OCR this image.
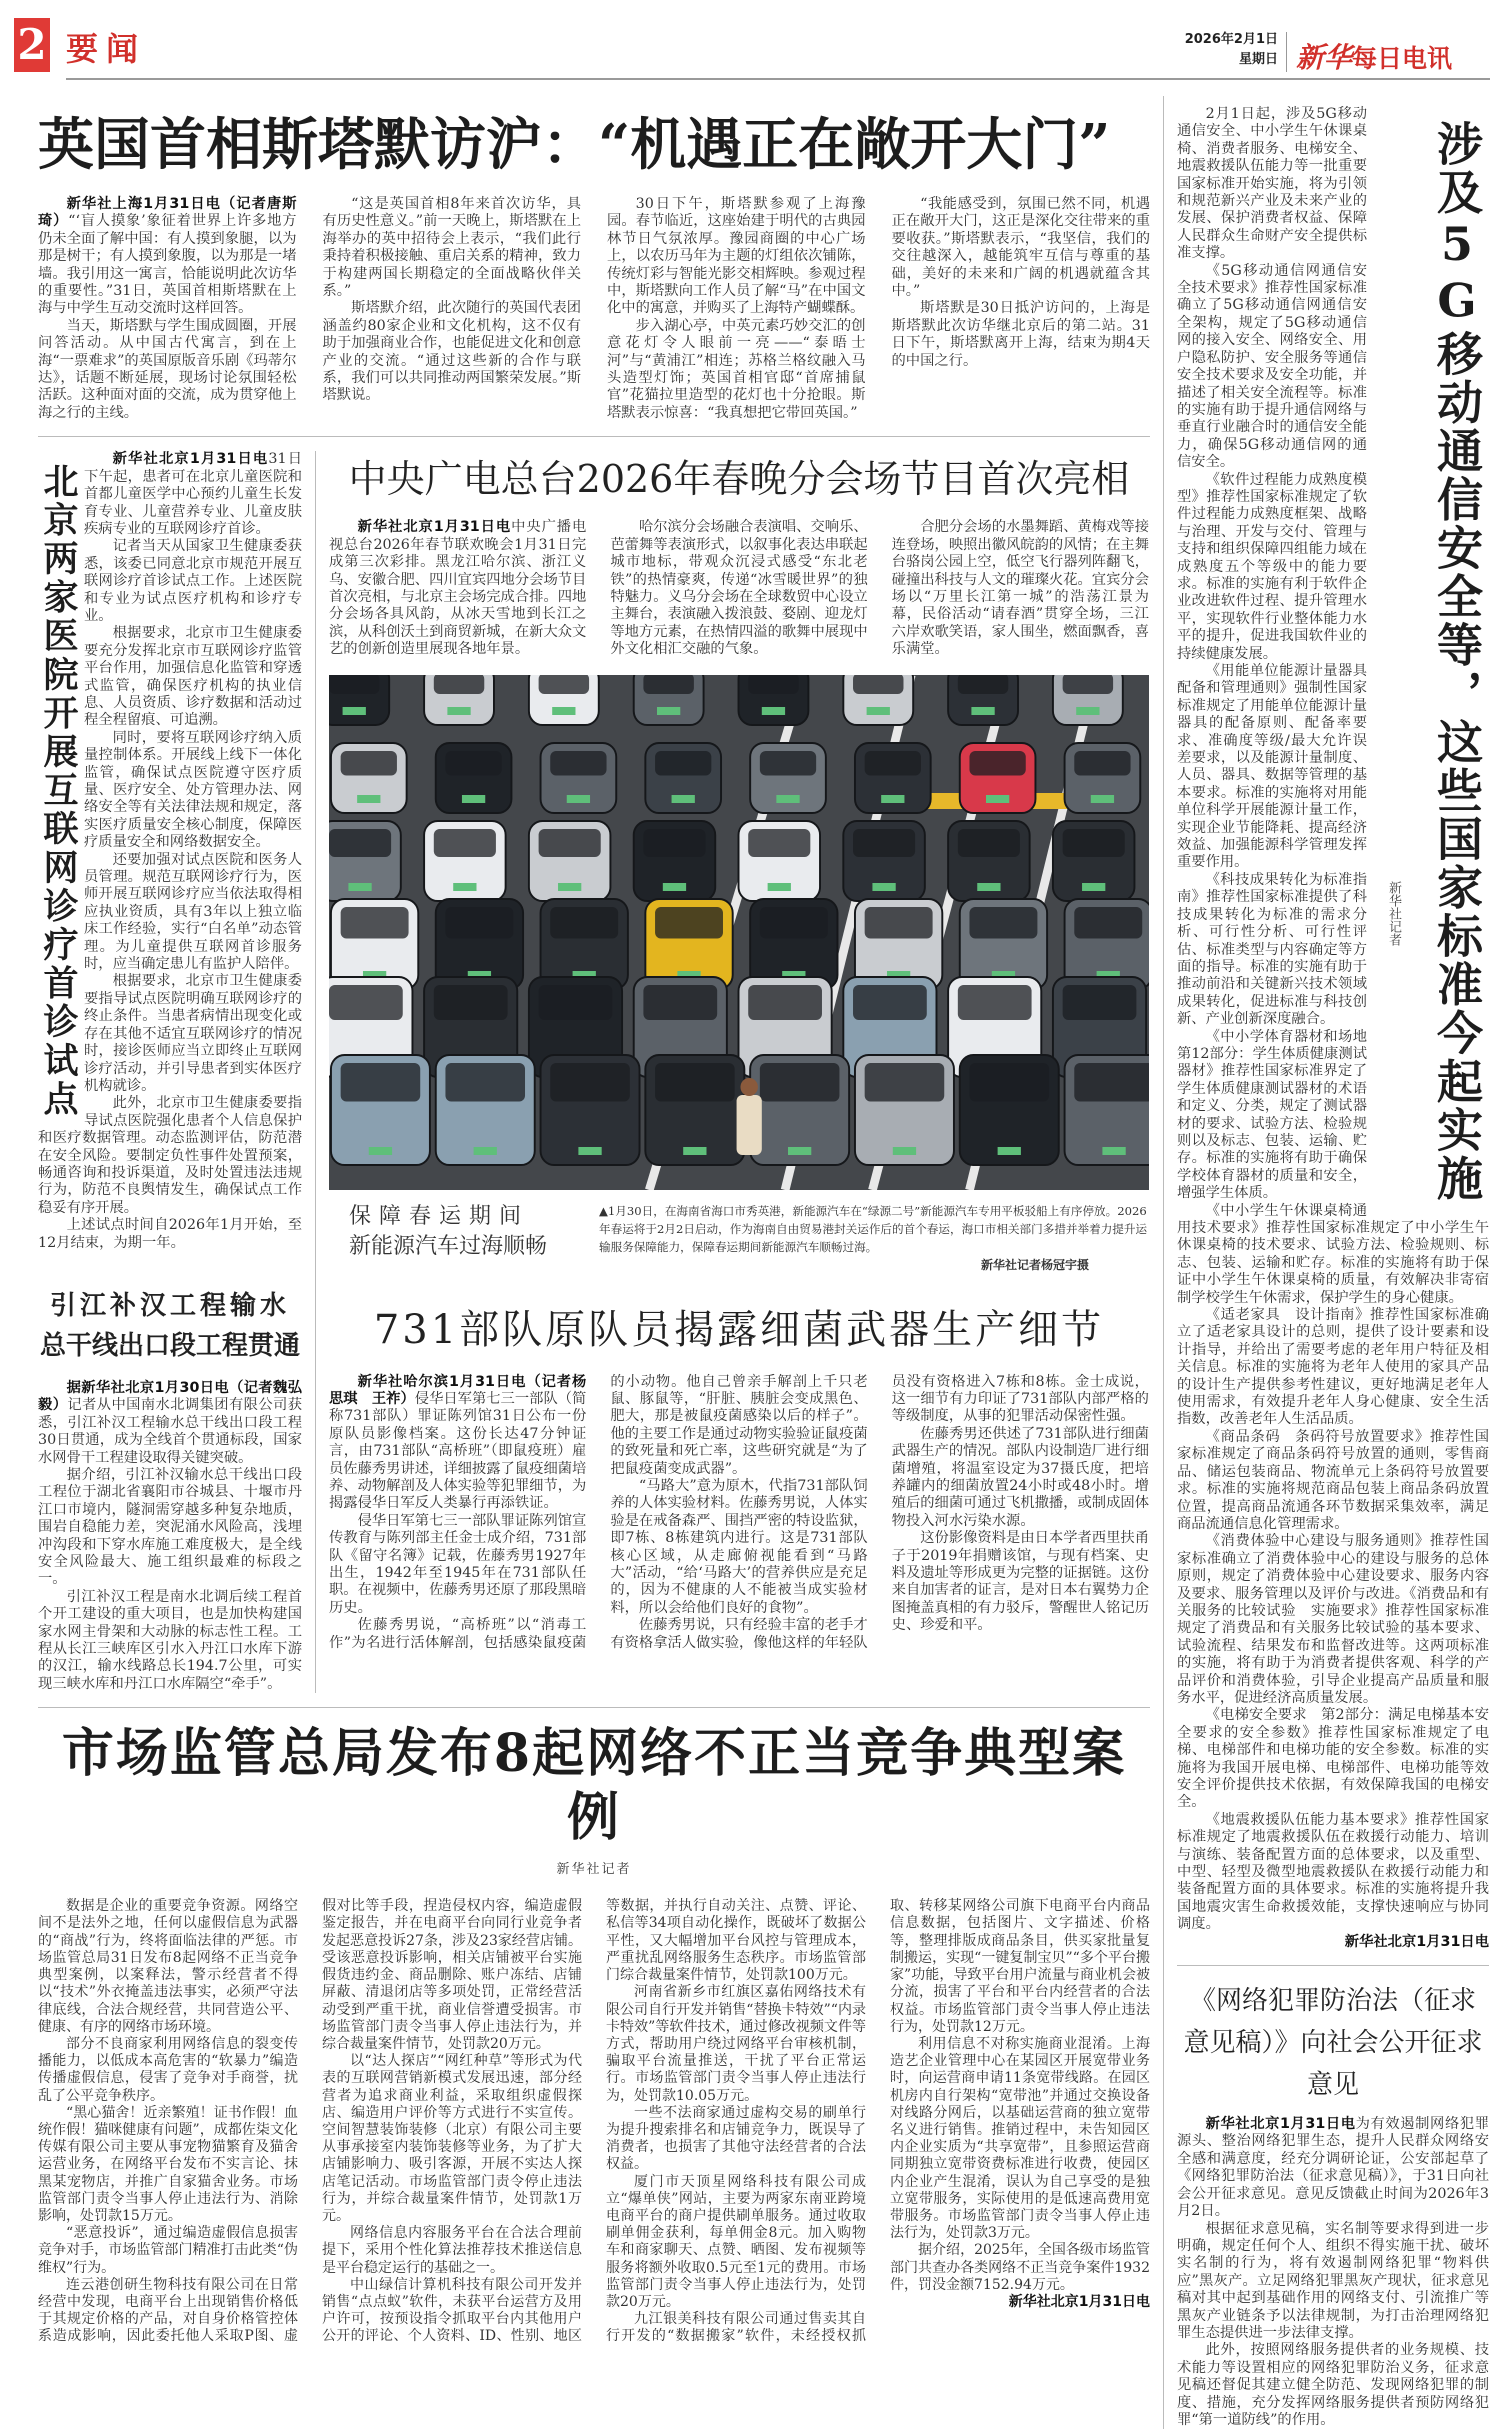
2 要闻	2026年2月1日
星期日 新华每日电讯
英国首相斯塔默访沪：“机遇正在敞开大门”

新华社上海1月31日电（记者唐斯琦）“‘盲人摸象’象征着世界上许多地方仍未全面了解中国：有人摸到象腿，以为那是树干；有人摸到象腹，以为那是一堵墙。我引用这一寓言，恰能说明此次访华的重要性。”31日，英国首相斯塔默在上海与中学生互动交流时这样回答。

当天，斯塔默与学生围成圆圈，开展问答活动。从中国古代寓言，到在上海“一票难求”的英国原版音乐剧《玛蒂尔达》，话题不断延展，现场讨论氛围轻松活跃。这种面对面的交流，成为贯穿他上海之行的主线。

“这是英国首相8年来首次访华，具有历史性意义。”前一天晚上，斯塔默在上海举办的英中招待会上表示，“我们此行秉持着积极接触、重启关系的精神，致力于构建两国长期稳定的全面战略伙伴关系。”

斯塔默介绍，此次随行的英国代表团涵盖约80家企业和文化机构，这不仅有助于加强商业合作，也能促进文化和创意产业的交流。“通过这些新的合作与联系，我们可以共同推动两国繁荣发展。”斯塔默说。

30日下午，斯塔默参观了上海豫园。春节临近，这座始建于明代的古典园林节日气氛浓厚。豫园商圈的中心广场上，以农历马年为主题的灯组依次铺陈，传统灯彩与智能光影交相辉映。参观过程中，斯塔默向工作人员了解“马”在中国文化中的寓意，并购买了上海特产蝴蝶酥。

步入湖心亭，中英元素巧妙交汇的创意花灯令人眼前一亮——“泰晤士河”与“黄浦江”相连；苏格兰格纹融入马头造型灯饰；英国首相官邸“首席捕鼠官”花猫拉里造型的花灯也十分抢眼。斯塔默表示惊喜：“我真想把它带回英国。”

“我能感受到，氛围已然不同，机遇正在敞开大门，这正是深化交往带来的重要收获。”斯塔默表示，“我坚信，我们的交往越深入，越能筑牢互信与尊重的基础，美好的未来和广阔的机遇就蕴含其中。”

斯塔默是30日抵沪访问的，上海是斯塔默此次访华继北京后的第二站。31日下午，斯塔默离开上海，结束为期4天的中国之行。

北京两家医院开展互联网诊疗首诊试点

新华社北京1月31日电31日下午起，患者可在北京儿童医院和首都儿童医学中心预约儿童生长发育专业、儿童营养专业、儿童皮肤疾病专业的互联网诊疗首诊。

记者当天从国家卫生健康委获悉，该委已同意北京市规范开展互联网诊疗首诊试点工作。上述医院和专业为试点医疗机构和诊疗专业。

根据要求，北京市卫生健康委要充分发挥北京市互联网诊疗监管平台作用，加强信息化监管和穿透式监管，确保医疗机构的执业信息、人员资质、诊疗数据和活动过程全程留痕、可追溯。

同时，要将互联网诊疗纳入质量控制体系。开展线上线下一体化监管，确保试点医院遵守医疗质量、医疗安全、处方管理办法、网络安全等有关法律法规和规定，落实医疗质量安全核心制度，保障医疗质量安全和网络数据安全。

还要加强对试点医院和医务人员管理。规范互联网诊疗行为，医师开展互联网诊疗应当依法取得相应执业资质，具有3年以上独立临床工作经验，实行“白名单”动态管理。为儿童提供互联网首诊服务时，应当确定患儿有监护人陪伴。

根据要求，北京市卫生健康委要指导试点医院明确互联网诊疗的终止条件。当患者病情出现变化或存在其他不适宜互联网诊疗的情况时，接诊医师应当立即终止互联网诊疗活动，并引导患者到实体医疗机构就诊。

此外，北京市卫生健康委要指导试点医院强化患者个人信息保护和医疗数据管理。动态监测评估，防范潜在安全风险。要制定负性事件处置预案，畅通咨询和投诉渠道，及时处置违法违规行为，防范不良舆情发生，确保试点工作稳妥有序开展。

上述试点时间自2026年1月开始，至12月结束，为期一年。

引江补汉工程输水
总干线出口段工程贯通

据新华社北京1月30日电（记者魏弘毅）记者从中国南水北调集团有限公司获悉，引江补汉工程输水总干线出口段工程30日贯通，成为全线首个贯通标段，国家水网骨干工程建设取得关键突破。

据介绍，引江补汉输水总干线出口段工程位于湖北省襄阳市谷城县、十堰市丹江口市境内，隧洞需穿越多种复杂地质，围岩自稳能力差，突泥涌水风险高，浅埋冲沟段和下穿水库施工难度极大，是全线安全风险最大、施工组织最难的标段之一。

引江补汉工程是南水北调后续工程首个开工建设的重大项目，也是加快构建国家水网主骨架和大动脉的标志性工程。工程从长江三峡库区引水入丹江口水库下游的汉江，输水线路总长194.7公里，可实现三峡水库和丹江口水库隔空“牵手”。

中央广电总台2026年春晚分会场节目首次亮相

新华社北京1月31日电中央广播电视总台2026年春节联欢晚会1月31日完成第三次彩排。黑龙江哈尔滨、浙江义乌、安徽合肥、四川宜宾四地分会场节目首次亮相，与北京主会场完成合排。四地分会场各具风韵，从冰天雪地到长江之滨，从科创沃土到商贸新城，在新大众文艺的创新创造里展现各地年景。

哈尔滨分会场融合表演唱、交响乐、芭蕾舞等表演形式，以叙事化表达串联起城市地标，带观众沉浸式感受“东北老铁”的热情豪爽，传递“冰雪暖世界”的独特魅力。义乌分会场在全球数贸中心设立主舞台，表演融入拨浪鼓、婺剧、迎龙灯等地方元素，在热情四溢的歌舞中展现中外文化相汇交融的气象。

合肥分会场的水墨舞蹈、黄梅戏等接连登场，映照出徽风皖韵的风情；在主舞台骆岗公园上空，低空飞行器列阵翻飞，碰撞出科技与人文的璀璨火花。宜宾分会场以“万里长江第一城”的浩荡江景为幕，民俗活动“请春酒”贯穿全场，三江六岸欢歌笑语，家人围坐，燃面飘香，喜乐满堂。

保障春运期间
新能源汽车过海顺畅
▲1月30日，在海南省海口市秀英港，新能源汽车在“绿源二号”新能源汽车专用平板驳船上有序停放。2026年春运将于2月2日启动，作为海南自由贸易港封关运作后的首个春运，海口市相关部门多措并举着力提升运输服务保障能力，保障春运期间新能源汽车顺畅过海。
新华社记者杨冠宇摄
731部队原队员揭露细菌武器生产细节

新华社哈尔滨1月31日电（记者杨思琪　王祚）侵华日军第七三一部队（简称731部队）罪证陈列馆31日公布一份原队员影像档案。这份长达47分钟证言，由731部队“高桥班”（即鼠疫班）雇员佐藤秀男讲述，详细披露了鼠疫细菌培养、动物解剖及人体实验等犯罪细节，为揭露侵华日军反人类暴行再添铁证。

侵华日军第七三一部队罪证陈列馆宣传教育与陈列部主任金士成介绍，731部队《留守名簿》记载，佐藤秀男1927年出生，1942年至1945年在731部队任职。在视频中，佐藤秀男还原了那段黑暗历史。

佐藤秀男说，“高桥班”以“消毒工作”为名进行活体解剖，包括感染鼠疫菌的小动物。他自己曾亲手解剖上千只老鼠、豚鼠等，“肝脏、胰脏会变成黑色、肥大，那是被鼠疫菌感染以后的样子”。他的主要工作是通过动物实验验证鼠疫菌的致死量和死亡率，这些研究就是“为了把鼠疫菌变成武器”。

“马路大”意为原木，代指731部队饲养的人体实验材料。佐藤秀男说，人体实验是在戒备森严、围挡严密的特设监狱，即7栋、8栋建筑内进行。这是731部队核心区域，从走廊俯视能看到“马路大”活动，“给‘马路大’的营养供应是充足的，因为不健康的人不能被当成实验材料，所以会给他们良好的食物”。

佐藤秀男说，只有经验丰富的老手才有资格拿活人做实验，像他这样的年轻队员没有资格进入7栋和8栋。金士成说，这一细节有力印证了731部队内部严格的等级制度，从事的犯罪活动保密性强。

佐藤秀男还供述了731部队进行细菌武器生产的情况。部队内设制造厂进行细菌增殖，将温室设定为37摄氏度，把培养罐内的细菌放置24小时或48小时。增殖后的细菌可通过飞机撒播，或制成固体物投入河水污染水源。

这份影像资料是由日本学者西里扶甬子于2019年捐赠该馆，与现有档案、史料及遗址等形成更为完整的证据链。这份来自加害者的证言，是对日本右翼势力企图掩盖真相的有力驳斥，警醒世人铭记历史、珍爱和平。

市场监管总局发布8起网络不正当竞争典型案例
新华社记者

数据是企业的重要竞争资源。网络空间不是法外之地，任何以虚假信息为武器的“商战”行为，终将面临法律的严惩。市场监管总局31日发布8起网络不正当竞争典型案例，以案释法，警示经营者不得以“技术”外衣掩盖违法事实，必须严守法律底线，合法合规经营，共同营造公平、健康、有序的网络市场环境。

部分不良商家利用网络信息的裂变传播能力，以低成本高危害的“软暴力”编造传播虚假信息，侵害了竞争对手商誉，扰乱了公平竞争秩序。

“黑心猫舍！近亲繁殖！证书作假！血统作假！猫咪健康有问题”，成都佐柒文化传媒有限公司主要从事宠物猫繁育及猫舍运营业务，在网络平台发布不实言论、抹黑某宠物店，并推广自家猫舍业务。市场监管部门责令当事人停止违法行为、消除影响，处罚款15万元。

“恶意投诉”，通过编造虚假信息损害竞争对手，市场监管部门精准打击此类“伪维权”行为。

连云港创研生物科技有限公司在日常经营中发现，电商平台上出现销售价格低于其规定价格的产品，对自身价格管控体系造成影响，因此委托他人采取P图、虚假对比等手段，捏造侵权内容，编造虚假鉴定报告，并在电商平台向同行业竞争者发起恶意投诉27条，涉及23家经营店铺。受该恶意投诉影响，相关店铺被平台实施假货违约金、商品删除、账户冻结、店铺屏蔽、清退闭店等多项处罚，正常经营活动受到严重干扰，商业信誉遭受损害。市场监管部门责令当事人停止违法行为，并综合裁量案件情节，处罚款20万元。

以“达人探店”“网红种草”等形式为代表的互联网营销新模式发展迅速，部分经营者为追求商业利益，采取组织虚假探店、编造用户评价等方式进行不实宣传。空间智慧装饰装修（北京）有限公司主要从事承接室内装饰装修等业务，为了扩大店铺影响力、吸引客源，开展不实达人探店笔记活动。市场监管部门责令停止违法行为，并综合裁量案件情节，处罚款1万元。

网络信息内容服务平台在合法合理前提下，采用个性化算法推荐技术推送信息是平台稳定运行的基础之一。

中山绿信计算机科技有限公司开发并销售“点点蚁”软件，未获平台运营方及用户许可，按预设指令抓取平台内其他用户公开的评论、个人资料、ID、性别、地区等数据，并执行自动关注、点赞、评论、私信等34项自动化操作，既破坏了数据公平性，又大幅增加平台风控与管理成本，严重扰乱网络服务生态秩序。市场监管部门综合裁量案件情节，处罚款100万元。

河南省新乡市红旗区嘉佑网络技术有限公司自行开发并销售“替换卡特效”“内录卡特效”等软件技术，通过修改视频文件等方式，帮助用户绕过网络平台审核机制，骗取平台流量推送，干扰了平台正常运行。市场监管部门责令当事人停止违法行为，处罚款10.05万元。

一些不法商家通过虚构交易的刷单行为提升搜索排名和店铺竞争力，既误导了消费者，也损害了其他守法经营者的合法权益。

厦门市天顶星网络科技有限公司成立“爆单侠”网站，主要为两家东南亚跨境电商平台的商户提供刷单服务。通过收取刷单佣金获利，每单佣金8元。加入购物车和商家聊天、点赞、晒图、发布视频等服务将额外收取0.5元至1元的费用。市场监管部门责令当事人停止违法行为，处罚款20万元。

九江银美科技有限公司通过售卖其自行开发的“数据搬家”软件，未经授权抓取、转移某网络公司旗下电商平台内商品信息数据，包括图片、文字描述、价格等，整理排版成商品条目，供买家批量复制搬运，实现“一键复制宝贝”“多个平台搬家”功能，导致平台用户流量与商业机会被分流，损害了平台和平台内经营者的合法权益。市场监管部门责令当事人停止违法行为，处罚款12万元。

利用信息不对称实施商业混淆。上海造艺企业管理中心在某园区开展宽带业务时，向运营商申请11条宽带线路。在园区机房内自行架构“宽带池”并通过交换设备对线路分网后，以基础运营商的独立宽带名义进行销售。推销过程中，未告知园区内企业实质为“共享宽带”，且参照运营商同期独立宽带资费标准进行收费，使园区内企业产生混淆，误认为自己享受的是独立宽带服务，实际使用的是低速高费用宽带服务。市场监管部门责令当事人停止违法行为，处罚款3万元。

据介绍，2025年，全国各级市场监管部门共查办各类网络不正当竞争案件1932件，罚没金额7152.94万元。

新华社北京1月31日电

涉及5G移动通信安全等，这些国家标准今起实施
新华社记者

2月1日起，涉及5G移动通信安全、中小学生午休课桌椅、消费者服务、电梯安全、地震救援队伍能力等一批重要国家标准开始实施，将为引领和规范新兴产业及未来产业的发展、保护消费者权益、保障人民群众生命财产安全提供标准支撑。

《5G移动通信网通信安全技术要求》推荐性国家标准确立了5G移动通信网通信安全架构，规定了5G移动通信网的接入安全、网络安全、用户隐私防护、安全服务等通信安全技术要求及安全功能，并描述了相关安全流程等。标准的实施有助于提升通信网络与垂直行业融合时的通信安全能力，确保5G移动通信网的通信安全。

《软件过程能力成熟度模型》推荐性国家标准规定了软件过程能力成熟度框架、战略与治理、开发与交付、管理与支持和组织保障四组能力域在成熟度五个等级中的能力要求。标准的实施有利于软件企业改进软件过程、提升管理水平，实现软件行业整体能力水平的提升，促进我国软件业的持续健康发展。

《用能单位能源计量器具配备和管理通则》强制性国家标准规定了用能单位能源计量器具的配备原则、配备率要求、准确度等级/最大允许误差要求，以及能源计量制度、人员、器具、数据等管理的基本要求。标准的实施将对用能单位科学开展能源计量工作，实现企业节能降耗、提高经济效益、加强能源科学管理发挥重要作用。

《科技成果转化为标准指南》推荐性国家标准提供了科技成果转化为标准的需求分析、可行性分析、可行性评估、标准类型与内容确定等方面的指导。标准的实施有助于推动前沿和关键新兴技术领域成果转化，促进标准与科技创新、产业创新深度融合。

《中小学体育器材和场地　第12部分：学生体质健康测试器材》推荐性国家标准界定了学生体质健康测试器材的术语和定义、分类，规定了测试器材的要求、试验方法、检验规则以及标志、包装、运输、贮存。标准的实施将有助于确保学校体育器材的质量和安全，增强学生体质。

《中小学生午休课桌椅通用技术要求》推荐性国家标准规定了中小学生午休课桌椅的技术要求、试验方法、检验规则、标志、包装、运输和贮存。标准的实施将有助于保证中小学生午休课桌椅的质量，有效解决非寄宿制学校学生午休需求，保护学生的身心健康。

《适老家具　设计指南》推荐性国家标准确立了适老家具设计的总则，提供了设计要素和设计指导，并给出了需要考虑的老年用户特征及相关信息。标准的实施将为老年人使用的家具产品的设计生产提供参考性建议，更好地满足老年人使用需求，有效提升老年人身心健康、安全生活指数，改善老年人生活品质。

《商品条码　条码符号放置要求》推荐性国家标准规定了商品条码符号放置的通则，零售商品、储运包装商品、物流单元上条码符号放置要求。标准的实施将规范商品包装上商品条码放置位置，提高商品流通各环节数据采集效率，满足商品流通信息化管理需求。

《消费体验中心建设与服务通则》推荐性国家标准确立了消费体验中心的建设与服务的总体原则，规定了消费体验中心建设要求、服务内容及要求、服务管理以及评价与改进。《消费品和有关服务的比较试验　实施要求》推荐性国家标准规定了消费品和有关服务比较试验的基本要求、试验流程、结果发布和监督改进等。这两项标准的实施，将有助于为消费者提供客观、科学的产品评价和消费体验，引导企业提高产品质量和服务水平，促进经济高质量发展。

《电梯安全要求　第2部分：满足电梯基本安全要求的安全参数》推荐性国家标准规定了电梯、电梯部件和电梯功能的安全参数。标准的实施将为我国开展电梯、电梯部件、电梯功能等效安全评价提供技术依据，有效保障我国的电梯安全。

《地震救援队伍能力基本要求》推荐性国家标准规定了地震救援队伍在救援行动能力、培训与演练、装备配置方面的总体要求，以及重型、中型、轻型及微型地震救援队在救援行动能力和装备配置方面的具体要求。标准的实施将提升我国地震灾害生命救援效能，支撑快速响应与协同调度。

新华社北京1月31日电

《网络犯罪防治法（征求
意见稿）》向社会公开征求意见

新华社北京1月31日电为有效遏制网络犯罪源头、整治网络犯罪生态，提升人民群众网络安全感和满意度，经充分调研论证，公安部起草了《网络犯罪防治法（征求意见稿）》，于31日向社会公开征求意见。意见反馈截止时间为2026年3月2日。

根据征求意见稿，实名制等要求得到进一步明确，规定任何个人、组织不得实施干扰、破坏实名制的行为，将有效遏制网络犯罪“物料供应”黑灰产。立足网络犯罪黑灰产现状，征求意见稿对其中起到基础作用的网络支付、引流推广等黑灰产业链条予以法律规制，为打击治理网络犯罪生态提供进一步法律支撑。

此外，按照网络服务提供者的业务规模、技术能力等设置相应的网络犯罪防治义务，征求意见稿还督促其建立健全防范、发现网络犯罪的制度、措施，充分发挥网络服务提供者预防网络犯罪“第一道防线”的作用。
